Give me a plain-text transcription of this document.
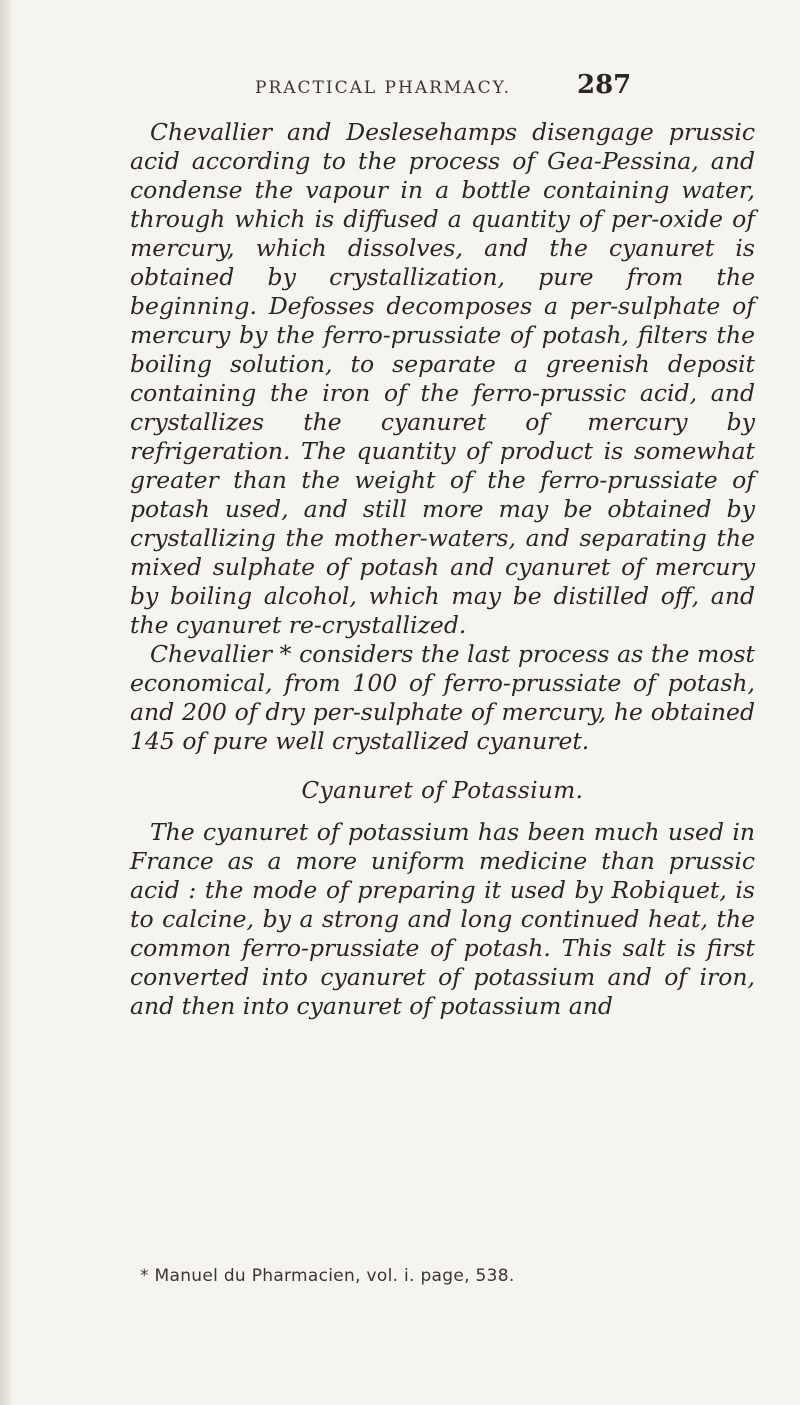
PRACTICAL PHARMACY.	287

Chevallier and Deslesehamps disengage prussic acid according to the process of Gea-Pessina, and condense the vapour in a bottle containing water, through which is diffused a quantity of per-oxide of mercury, which dissolves, and the cyanuret is obtained by crystallization, pure from the beginning. Defosses decomposes a per-sulphate of mercury by the ferro-prussiate of potash, filters the boiling solution, to separate a greenish deposit containing the iron of the ferro-prussic acid, and crystallizes the cyanuret of mercury by refrigeration. The quantity of product is somewhat greater than the weight of the ferro-prussiate of potash used, and still more may be obtained by crystallizing the mother-waters, and separating the mixed sulphate of potash and cyanuret of mercury by boiling alcohol, which may be distilled off, and the cyanuret re-crystallized.

Chevallier * considers the last process as the most economical, from 100 of ferro-prussiate of potash, and 200 of dry per-sulphate of mercury, he obtained 145 of pure well crystallized cyanuret.

Cyanuret of Potassium.

The cyanuret of potassium has been much used in France as a more uniform medicine than prussic acid : the mode of preparing it used by Robiquet, is to calcine, by a strong and long continued heat, the common ferro-prussiate of potash. This salt is first converted into cyanuret of potassium and of iron, and then into cyanuret of potassium and

* Manuel du Pharmacien, vol. i. page, 538.
